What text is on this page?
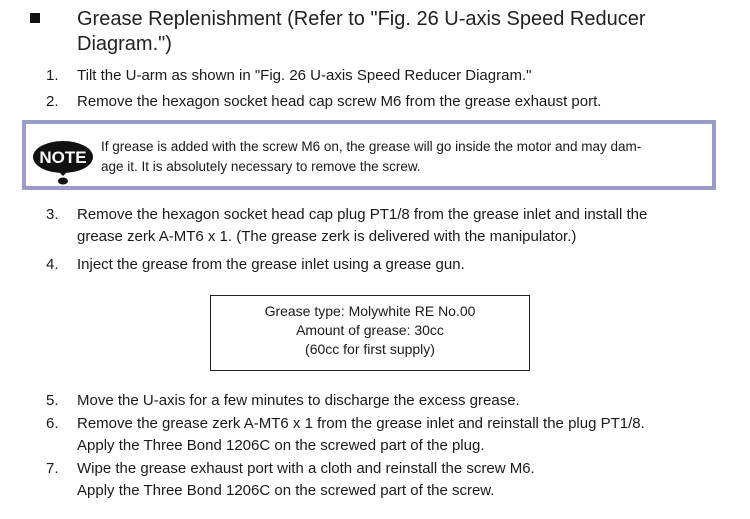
Grease Replenishment (Refer to "Fig. 26 U-axis Speed Reducer
Diagram.")
1. Tilt the U-arm as shown in "Fig. 26 U-axis Speed Reducer Diagram."
2. Remove the hexagon socket head cap screw M6 from the grease exhaust port.
NOTE
If grease is added with the screw M6 on, the grease will go inside the motor and may dam-
age it. It is absolutely necessary to remove the screw.
3. Remove the hexagon socket head cap plug PT1/8 from the grease inlet and install the
grease zerk A-MT6 x 1. (The grease zerk is delivered with the manipulator.)
4. Inject the grease from the grease inlet using a grease gun.
Grease type: Molywhite RE No.00
Amount of grease: 30cc
(60cc for first supply)
5. Move the U-axis for a few minutes to discharge the excess grease.
6. Remove the grease zerk A-MT6 x 1 from the grease inlet and reinstall the plug PT1/8.
Apply the Three Bond 1206C on the screwed part of the plug.
7. Wipe the grease exhaust port with a cloth and reinstall the screw M6.
Apply the Three Bond 1206C on the screwed part of the screw.
